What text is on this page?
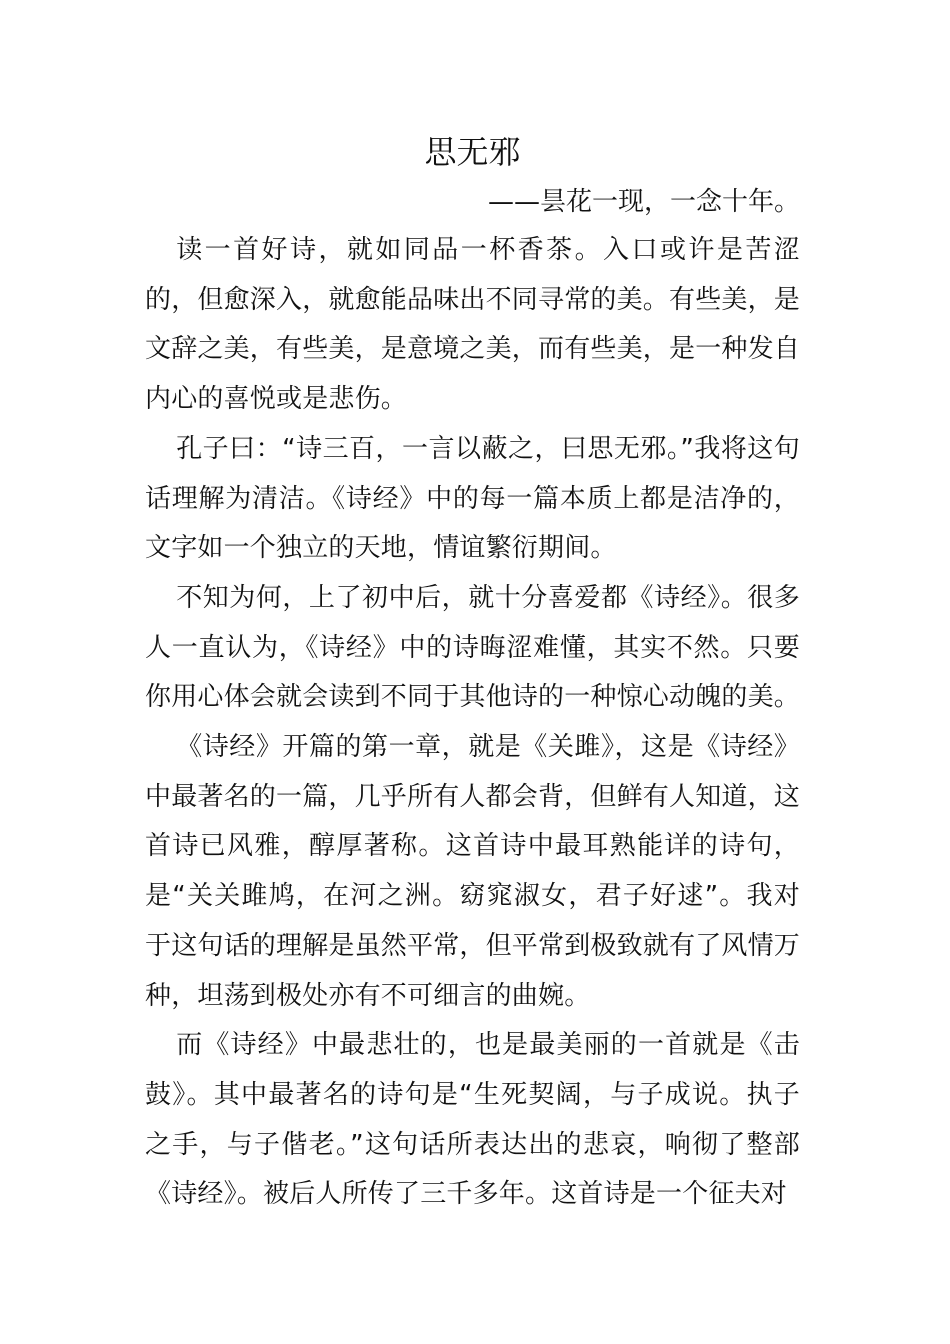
思无邪
——昙花一现，一念十年。

读一首好诗，就如同品一杯香茶。入口或许是苦涩的，但愈深入，就愈能品味出不同寻常的美。有些美，是文辞之美，有些美，是意境之美，而有些美，是一种发自内心的喜悦或是悲伤。

孔子曰：“诗三百，一言以蔽之，曰思无邪。”我将这句话理解为清洁。《诗经》中的每一篇本质上都是洁净的，文字如一个独立的天地，情谊繁衍期间。

不知为何，上了初中后，就十分喜爱都《诗经》。很多人一直认为，《诗经》中的诗晦涩难懂，其实不然。只要你用心体会就会读到不同于其他诗的一种惊心动魄的美。

《诗经》开篇的第一章，就是《关雎》，这是《诗经》中最著名的一篇，几乎所有人都会背，但鲜有人知道，这首诗已风雅，醇厚著称。这首诗中最耳熟能详的诗句，是“关关雎鸠，在河之洲。窈窕淑女，君子好逑”。我对于这句话的理解是虽然平常，但平常到极致就有了风情万种，坦荡到极处亦有不可细言的曲婉。

而《诗经》中最悲壮的，也是最美丽的一首就是《击鼓》。其中最著名的诗句是“生死契阔，与子成说。执子之手，与子偕老。”这句话所表达出的悲哀，响彻了整部《诗经》。被后人所传了三千多年。这首诗是一个征夫对
